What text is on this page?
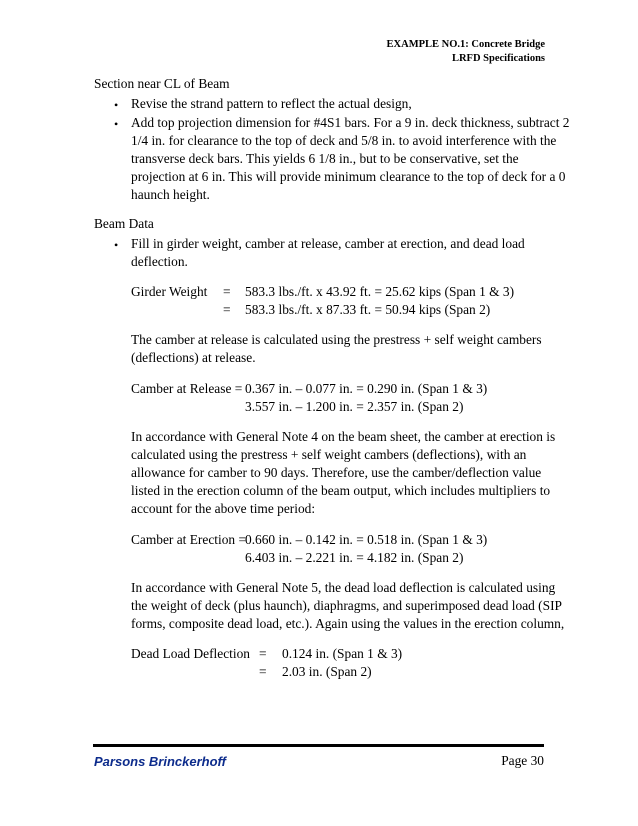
EXAMPLE NO.1: Concrete Bridge
LRFD Specifications
Section near CL of Beam
• Revise the strand pattern to reflect the actual design,
• Add top projection dimension for #4S1 bars. For a 9 in. deck thickness, subtract 2
1/4 in. for clearance to the top of deck and 5/8 in. to avoid interference with the
transverse deck bars. This yields 6 1/8 in., but to be conservative, set the
projection at 6 in. This will provide minimum clearance to the top of deck for a 0
haunch height.
Beam Data
• Fill in girder weight, camber at release, camber at erection, and dead load
deflection.
Girder Weight = 583.3 lbs./ft. x 43.92 ft. = 25.62 kips (Span 1 & 3)
= 583.3 lbs./ft. x 87.33 ft. = 50.94 kips (Span 2)
The camber at release is calculated using the prestress + self weight cambers
(deflections) at release.
Camber at Release = 0.367 in. – 0.077 in. = 0.290 in. (Span 1 & 3)
3.557 in. – 1.200 in. = 2.357 in. (Span 2)
In accordance with General Note 4 on the beam sheet, the camber at erection is
calculated using the prestress + self weight cambers (deflections), with an
allowance for camber to 90 days. Therefore, use the camber/deflection value
listed in the erection column of the beam output, which includes multipliers to
account for the above time period:
Camber at Erection =
0.660 in. – 0.142 in. = 0.518 in. (Span 1 & 3)
6.403 in. – 2.221 in. = 4.182 in. (Span 2)
In accordance with General Note 5, the dead load deflection is calculated using
the weight of deck (plus haunch), diaphragms, and superimposed dead load (SIP
forms, composite dead load, etc.). Again using the values in the erection column,
Dead Load Deflection = 0.124 in. (Span 1 & 3)
= 2.03 in. (Span 2)
Parsons Brinckerhoff	Page 30
